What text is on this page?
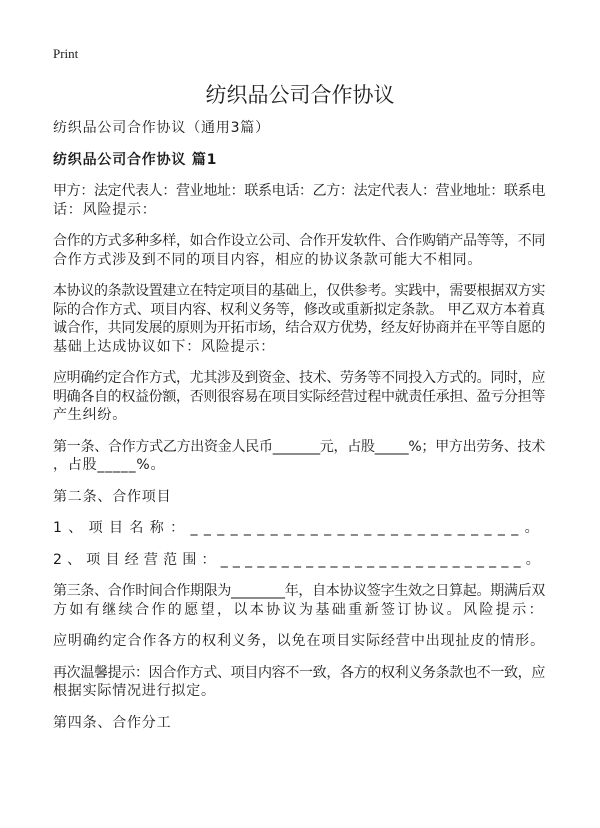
Print
纺织品公司合作协议
纺织品公司合作协议（通用3篇）
纺织品公司合作协议 篇1
甲方：法定代表人：营业地址：联系电话：乙方：法定代表人：营业地址：联系电
话：风险提示：
合作的方式多种多样，如合作设立公司、合作开发软件、合作购销产品等等，不同
合作方式涉及到不同的项目内容，相应的协议条款可能大不相同。
本协议的条款设置建立在特定项目的基础上，仅供参考。实践中，需要根据双方实
际的合作方式、项目内容、权利义务等，修改或重新拟定条款。 甲乙双方本着真
诚合作，共同发展的原则为开拓市场，结合双方优势，经友好协商并在平等自愿的
基础上达成协议如下：风险提示：
应明确约定合作方式，尤其涉及到资金、技术、劳务等不同投入方式的。同时，应
明确各自的权益份额，否则很容易在项目实际经营过程中就责任承担、盈亏分担等
产生纠纷。
第一条、合作方式乙方出资金人民币_______元，占股_____%；甲方出劳务、技术
，占股_____%。
第二条、合作项目
1、项目名称：_________________________。
2、项目经营范围：_________________________。
第三条、合作时间合作期限为________年，自本协议签字生效之日算起。期满后双
方如有继续合作的愿望，以本协议为基础重新签订协议。风险提示：
应明确约定合作各方的权利义务，以免在项目实际经营中出现扯皮的情形。
再次温馨提示：因合作方式、项目内容不一致，各方的权利义务条款也不一致，应
根据实际情况进行拟定。
第四条、合作分工
